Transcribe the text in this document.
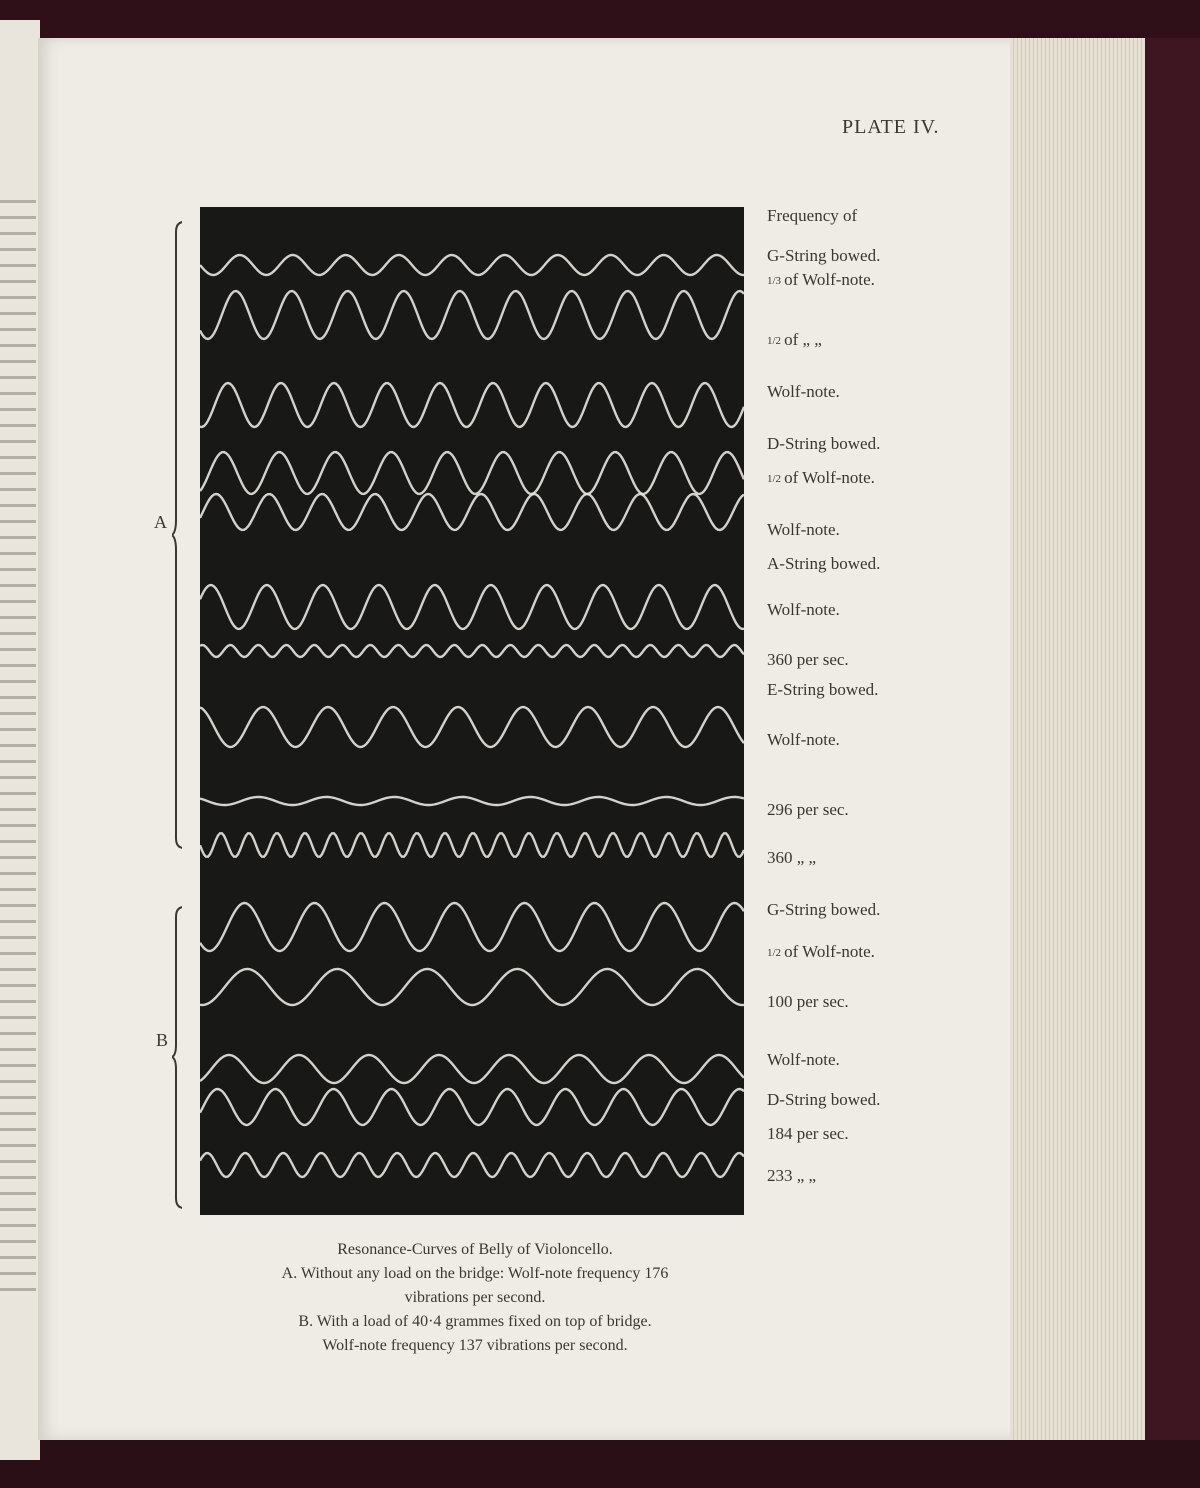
PLATE IV.
Frequency of
G-String bowed.
1/3 of Wolf-note.
1/2 of „ „
Wolf-note.
D-String bowed.
1/2 of Wolf-note.
Wolf-note.
A-String bowed.
Wolf-note.
360 per sec.
E-String bowed.
Wolf-note.
296 per sec.
360 „ „
G-String bowed.
1/2 of Wolf-note.
100 per sec.
Wolf-note.
D-String bowed.
184 per sec.
233 „ „
A
B
Resonance-Curves of Belly of Violoncello.
A. Without any load on the bridge: Wolf-note frequency 176
vibrations per second.
B. With a load of 40·4 grammes fixed on top of bridge.
Wolf-note frequency 137 vibrations per second.
